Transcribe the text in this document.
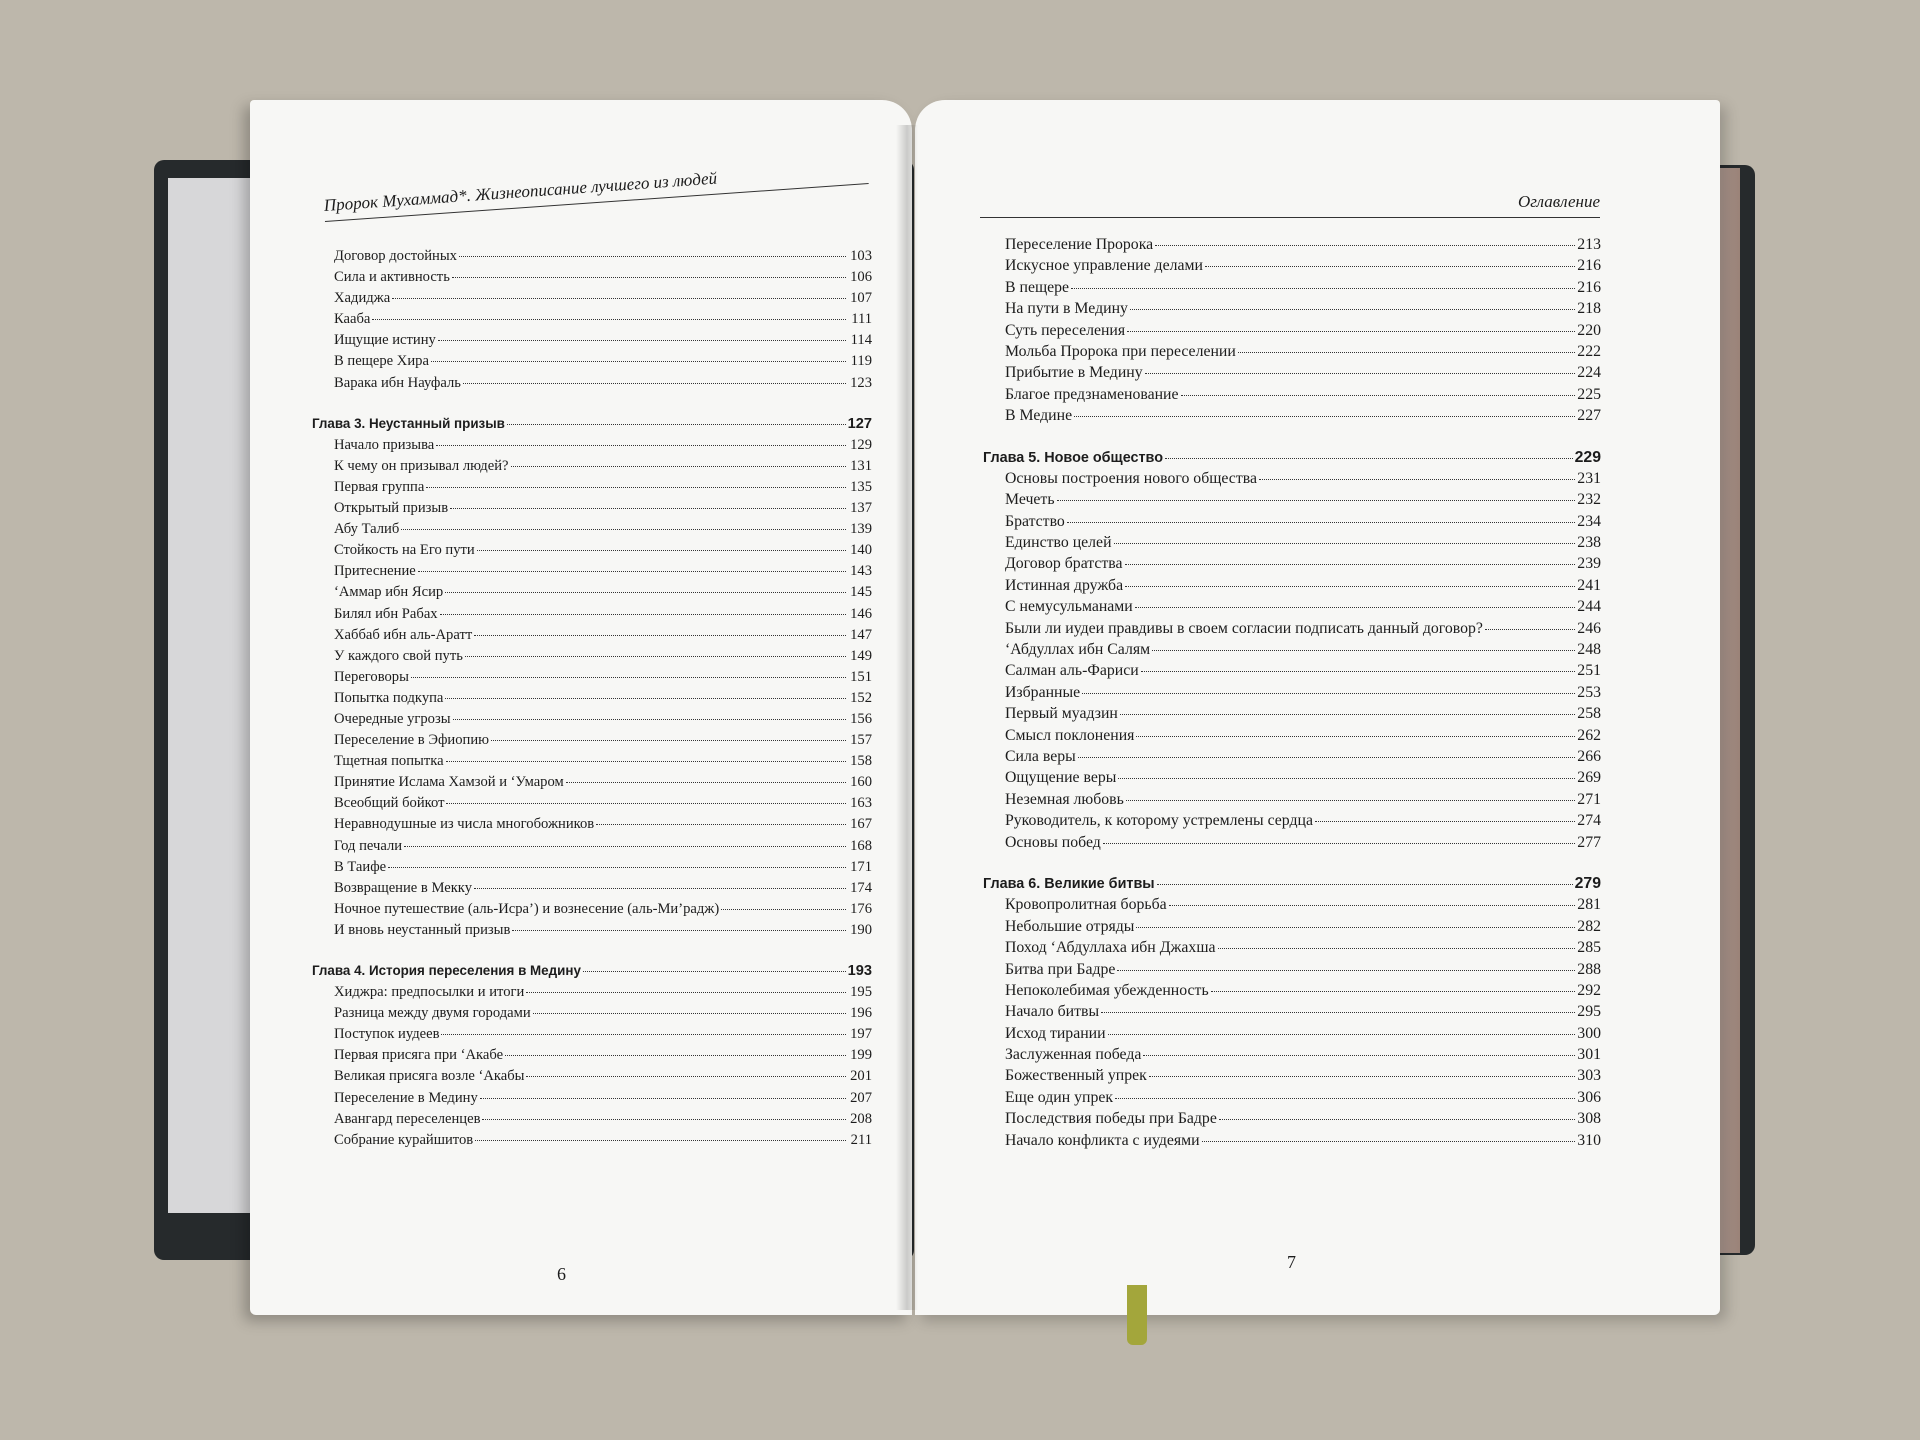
Пророк Мухаммад*. Жизнеописание лучшего из людей
Договор достойных	103
Сила и активность	106
Хадиджа	107
Кааба	111
Ищущие истину	114
В пещере Хира	119
Варака ибн Науфаль	123
Глава 3. Неустанный призыв	127
Начало призыва	129
К чему он призывал людей?	131
Первая группа	135
Открытый призыв	137
Абу Талиб	139
Стойкость на Его пути	140
Притеснение	143
‘Аммар ибн Ясир	145
Билял ибн Рабах	146
Хаббаб ибн аль-Аратт	147
У каждого свой путь	149
Переговоры	151
Попытка подкупа	152
Очередные угрозы	156
Переселение в Эфиопию	157
Тщетная попытка	158
Принятие Ислама Хамзой и ‘Умаром	160
Всеобщий бойкот	163
Неравнодушные из числа многобожников	167
Год печали	168
В Таифе	171
Возвращение в Мекку	174
Ночное путешествие (аль-Исра’) и вознесение (аль-Ми’радж)	176
И вновь неустанный призыв	190
Глава 4. История переселения в Медину	193
Хиджра: предпосылки и итоги	195
Разница между двумя городами	196
Поступок иудеев	197
Первая присяга при ‘Акабе	199
Великая присяга возле ‘Акабы	201
Переселение в Медину	207
Авангард переселенцев	208
Собрание курайшитов	211
6
Оглавление
Переселение Пророка	213
Искусное управление делами	216
В пещере	216
На пути в Медину	218
Суть переселения	220
Мольба Пророка при переселении	222
Прибытие в Медину	224
Благое предзнаменование	225
В Медине	227
Глава 5. Новое общество	229
Основы построения нового общества	231
Мечеть	232
Братство	234
Единство целей	238
Договор братства	239
Истинная дружба	241
С немусульманами	244
Были ли иудеи правдивы в своем согласии подписать данный договор?	246
‘Абдуллах ибн Салям	248
Салман аль-Фариси	251
Избранные	253
Первый муадзин	258
Смысл поклонения	262
Сила веры	266
Ощущение веры	269
Неземная любовь	271
Руководитель, к которому устремлены сердца	274
Основы побед	277
Глава 6. Великие битвы	279
Кровопролитная борьба	281
Небольшие отряды	282
Поход ‘Абдуллаха ибн Джахша	285
Битва при Бадре	288
Непоколебимая убежденность	292
Начало битвы	295
Исход тирании	300
Заслуженная победа	301
Божественный упрек	303
Еще один упрек	306
Последствия победы при Бадре	308
Начало конфликта с иудеями	310
7
